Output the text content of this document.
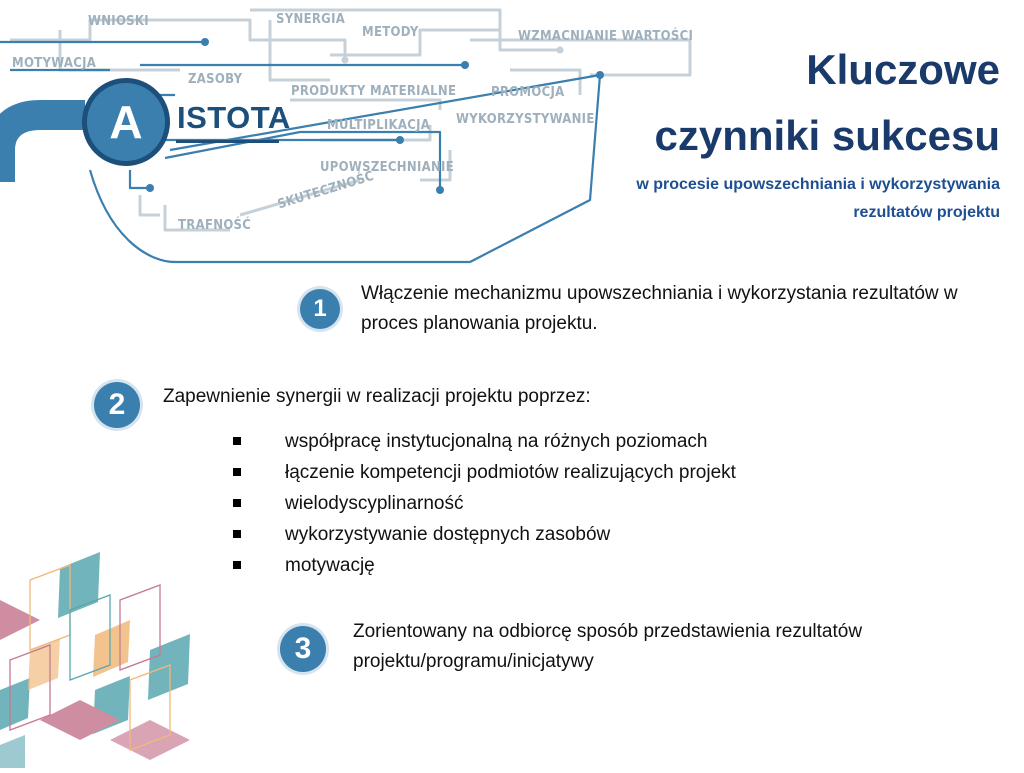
WNIOSKI	SYNERGIA
METODY	WZMACNIANIE WARTOŚCI
MOTYWACJA
ZASOBY
PRODUKTY MATERIALNE	PROMOCJA
MULTIPLIKACJA WYKORZYSTYWANIE
UPOWSZECHNIANIE
SKUTECZNOŚĆ
TRAFNOŚĆ
A	ISTOTA
Kluczowe
czynniki sukcesu
w procesie upowszechniania i wykorzystywania
rezultatów projektu
1
Włączenie mechanizmu upowszechniania i wykorzystania rezultatów w proces planowania projektu.
2	Zapewnienie synergii w realizacji projektu poprzez:
współpracę instytucjonalną na różnych poziomach
łączenie kompetencji podmiotów realizujących projekt
wielodyscyplinarność
wykorzystywanie dostępnych zasobów
motywację
3
Zorientowany na odbiorcę sposób przedstawienia rezultatów projektu/programu/inicjatywy
